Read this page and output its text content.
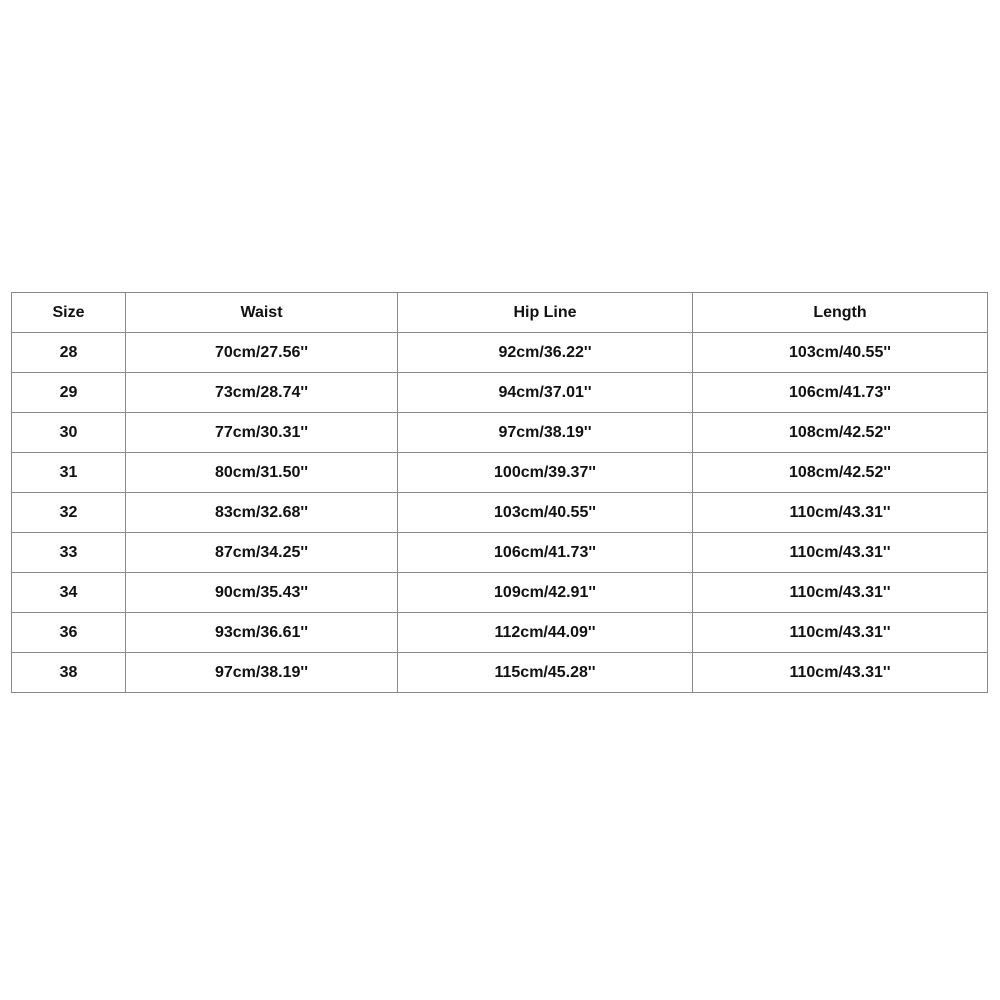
Size	Waist	Hip Line	Length
28	70cm/27.56''	92cm/36.22''	103cm/40.55''
29	73cm/28.74''	94cm/37.01''	106cm/41.73''
30	77cm/30.31''	97cm/38.19''	108cm/42.52''
31	80cm/31.50''	100cm/39.37''	108cm/42.52''
32	83cm/32.68''	103cm/40.55''	110cm/43.31''
33	87cm/34.25''	106cm/41.73''	110cm/43.31''
34	90cm/35.43''	109cm/42.91''	110cm/43.31''
36	93cm/36.61''	112cm/44.09''	110cm/43.31''
38	97cm/38.19''	115cm/45.28''	110cm/43.31''
